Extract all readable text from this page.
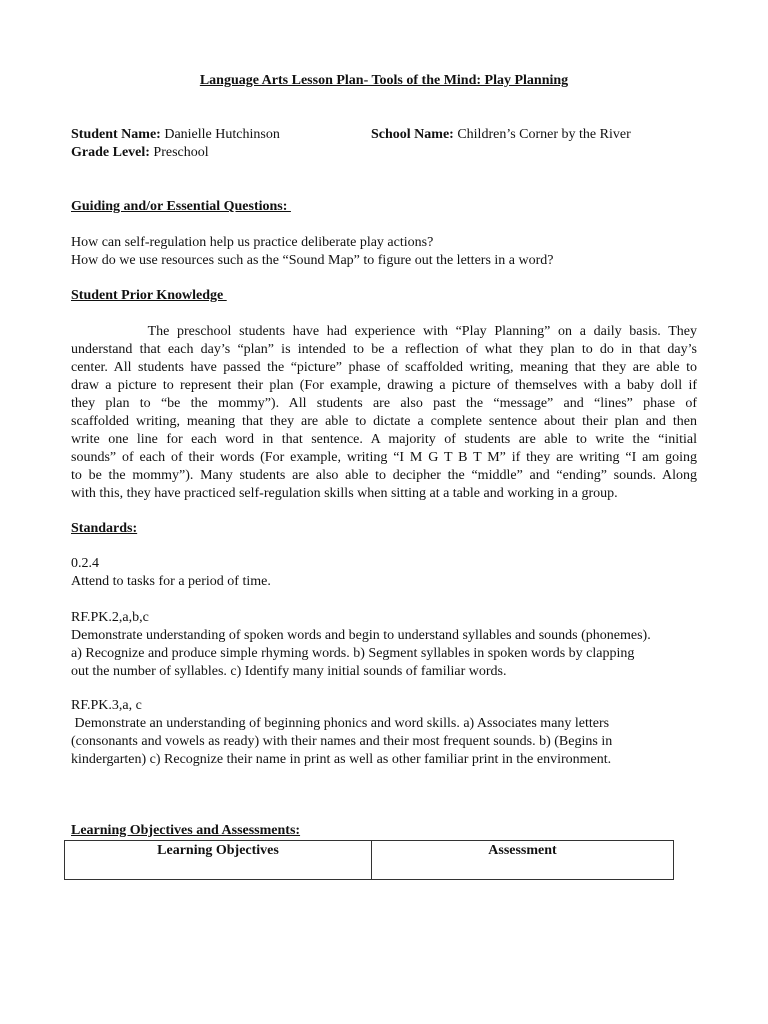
Language Arts Lesson Plan- Tools of the Mind: Play Planning
Student Name: Danielle Hutchinson	School Name: Children’s Corner by the River
Grade Level: Preschool
Guiding and/or Essential Questions:
How can self-regulation help us practice deliberate play actions?
How do we use resources such as the “Sound Map” to figure out the letters in a word?
Student Prior Knowledge
The preschool students have had experience with “Play Planning” on a daily basis. They
understand that each day’s “plan” is intended to be a reflection of what they plan to do in that day’s
center. All students have passed the “picture” phase of scaffolded writing, meaning that they are able to
draw a picture to represent their plan (For example, drawing a picture of themselves with a baby doll if
they plan to “be the mommy”). All students are also past the “message” and “lines” phase of
scaffolded writing, meaning that they are able to dictate a complete sentence about their plan and then
write one line for each word in that sentence. A majority of students are able to write the “initial
sounds” of each of their words (For example, writing “I M G T B T M” if they are writing “I am going
to be the mommy”). Many students are also able to decipher the “middle” and “ending” sounds. Along
with this, they have practiced self-regulation skills when sitting at a table and working in a group.
Standards:
0.2.4
Attend to tasks for a period of time.
RF.PK.2,a,b,c
Demonstrate understanding of spoken words and begin to understand syllables and sounds (phonemes).
a) Recognize and produce simple rhyming words. b) Segment syllables in spoken words by clapping
out the number of syllables. c) Identify many initial sounds of familiar words.
RF.PK.3,a, c
Demonstrate an understanding of beginning phonics and word skills. a) Associates many letters
(consonants and vowels as ready) with their names and their most frequent sounds. b) (Begins in
kindergarten) c) Recognize their name in print as well as other familiar print in the environment.
Learning Objectives and Assessments:
Learning Objectives	Assessment
